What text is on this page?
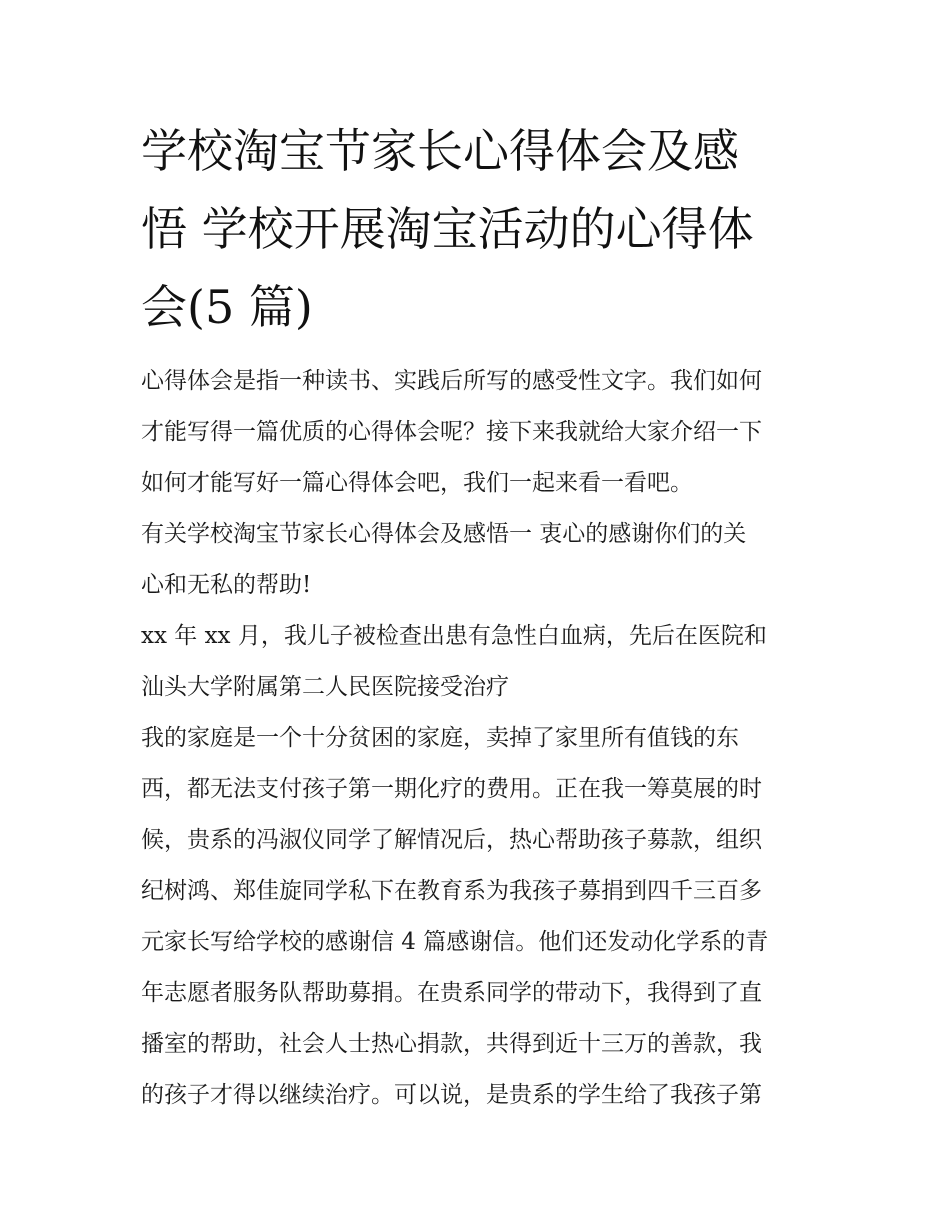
学校淘宝节家长心得体会及感
悟 学校开展淘宝活动的心得体
会(5 篇)
心得体会是指一种读书、实践后所写的感受性文字。我们如何
才能写得一篇优质的心得体会呢？接下来我就给大家介绍一下
如何才能写好一篇心得体会吧，我们一起来看一看吧。
有关学校淘宝节家长心得体会及感悟一 衷心的感谢你们的关
心和无私的帮助!
xx 年 xx 月，我儿子被检查出患有急性白血病，先后在医院和
汕头大学附属第二人民医院接受治疗
我的家庭是一个十分贫困的家庭，卖掉了家里所有值钱的东
西，都无法支付孩子第一期化疗的费用。正在我一筹莫展的时
候，贵系的冯淑仪同学了解情况后，热心帮助孩子募款，组织
纪树鸿、郑佳旋同学私下在教育系为我孩子募捐到四千三百多
元家长写给学校的感谢信 4 篇感谢信。他们还发动化学系的青
年志愿者服务队帮助募捐。在贵系同学的带动下，我得到了直
播室的帮助，社会人士热心捐款，共得到近十三万的善款，我
的孩子才得以继续治疗。可以说，是贵系的学生给了我孩子第
